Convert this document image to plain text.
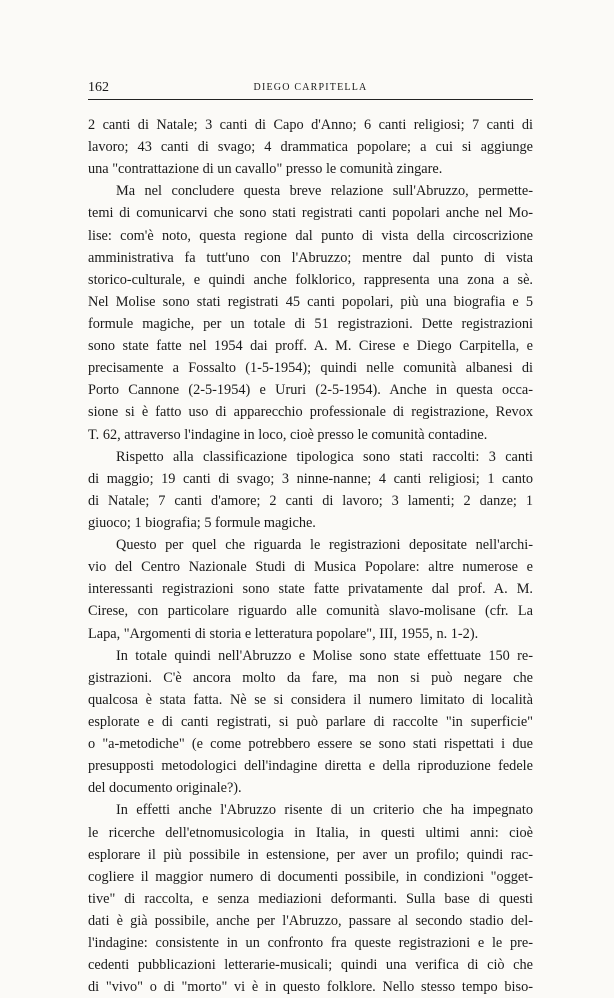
162	DIEGO CARPITELLA
2 canti di Natale; 3 canti di Capo d'Anno; 6 canti religiosi; 7 canti di
lavoro; 43 canti di svago; 4 drammatica popolare; a cui si aggiunge
una "contrattazione di un cavallo" presso le comunità zingare.
Ma nel concludere questa breve relazione sull'Abruzzo, permette-
temi di comunicarvi che sono stati registrati canti popolari anche nel Mo-
lise: com'è noto, questa regione dal punto di vista della circoscrizione
amministrativa fa tutt'uno con l'Abruzzo; mentre dal punto di vista
storico-culturale, e quindi anche folklorico, rappresenta una zona a sè.
Nel Molise sono stati registrati 45 canti popolari, più una biografia e 5
formule magiche, per un totale di 51 registrazioni. Dette registrazioni
sono state fatte nel 1954 dai proff. A. M. Cirese e Diego Carpitella, e
precisamente a Fossalto (1-5-1954); quindi nelle comunità albanesi di
Porto Cannone (2-5-1954) e Ururi (2-5-1954). Anche in questa occa-
sione si è fatto uso di apparecchio professionale di registrazione, Revox
T. 62, attraverso l'indagine in loco, cioè presso le comunità contadine.
Rispetto alla classificazione tipologica sono stati raccolti: 3 canti
di maggio; 19 canti di svago; 3 ninne-nanne; 4 canti religiosi; 1 canto
di Natale; 7 canti d'amore; 2 canti di lavoro; 3 lamenti; 2 danze; 1
giuoco; 1 biografia; 5 formule magiche.
Questo per quel che riguarda le registrazioni depositate nell'archi-
vio del Centro Nazionale Studi di Musica Popolare: altre numerose e
interessanti registrazioni sono state fatte privatamente dal prof. A. M.
Cirese, con particolare riguardo alle comunità slavo-molisane (cfr. La
Lapa, "Argomenti di storia e letteratura popolare", III, 1955, n. 1-2).
In totale quindi nell'Abruzzo e Molise sono state effettuate 150 re-
gistrazioni. C'è ancora molto da fare, ma non si può negare che
qualcosa è stata fatta. Nè se si considera il numero limitato di località
esplorate e di canti registrati, si può parlare di raccolte "in superficie"
o "a-metodiche" (e come potrebbero essere se sono stati rispettati i due
presupposti metodologici dell'indagine diretta e della riproduzione fedele
del documento originale?).
In effetti anche l'Abruzzo risente di un criterio che ha impegnato
le ricerche dell'etnomusicologia in Italia, in questi ultimi anni: cioè
esplorare il più possibile in estensione, per aver un profilo; quindi rac-
cogliere il maggior numero di documenti possibile, in condizioni "ogget-
tive" di raccolta, e senza mediazioni deformanti. Sulla base di questi
dati è già possibile, anche per l'Abruzzo, passare al secondo stadio del-
l'indagine: consistente in un confronto fra queste registrazioni e le pre-
cedenti pubblicazioni letterarie-musicali; quindi una verifica di ciò che
di "vivo" o di "morto" vi è in questo folklore. Nello stesso tempo biso-
